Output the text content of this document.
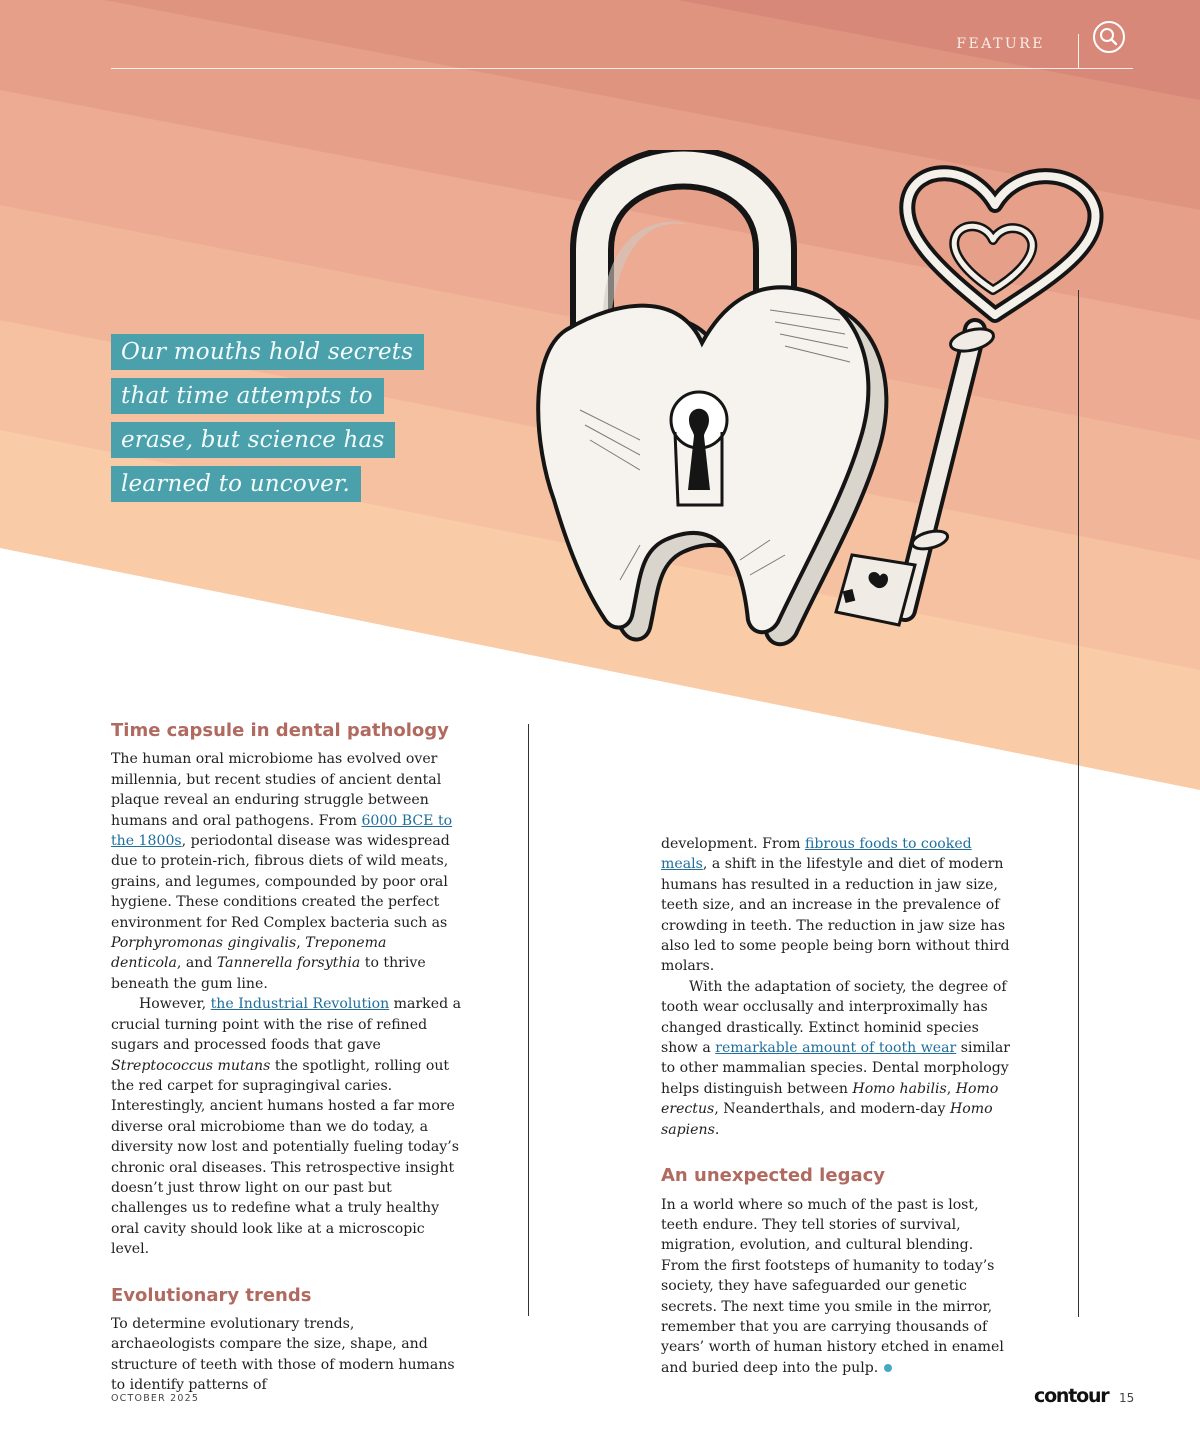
FEATURE
Our mouths hold secrets
that time attempts to
erase, but science has
learned to uncover.
Time capsule in dental pathology

The human oral microbiome has evolved over millennia, but recent studies of ancient dental plaque reveal an enduring struggle between humans and oral pathogens. From 6000 BCE to the 1800s, periodontal disease was widespread due to protein-rich, fibrous diets of wild meats, grains, and legumes, compounded by poor oral hygiene. These conditions created the perfect environment for Red Complex bacteria such as Porphyromonas gingivalis, Treponema denticola, and Tannerella forsythia to thrive beneath the gum line.

However, the Industrial Revolution marked a crucial turning point with the rise of refined sugars and processed foods that gave Streptococcus mutans the spotlight, rolling out the red carpet for supragingival caries. Interestingly, ancient humans hosted a far more diverse oral microbiome than we do today, a diversity now lost and potentially fueling today’s chronic oral diseases. This retrospective insight doesn’t just throw light on our past but challenges us to redefine what a truly healthy oral cavity should look like at a microscopic level.

Evolutionary trends

To determine evolutionary trends, archaeologists compare the size, shape, and structure of teeth with those of modern humans to identify patterns of

development. From fibrous foods to cooked meals, a shift in the lifestyle and diet of modern humans has resulted in a reduction in jaw size, teeth size, and an increase in the prevalence of crowding in teeth. The reduction in jaw size has also led to some people being born without third molars.

With the adaptation of society, the degree of tooth wear occlusally and interproximally has changed drastically. Extinct hominid species show a remarkable amount of tooth wear similar to other mammalian species. Dental morphology helps distinguish between Homo habilis, Homo erectus, Neanderthals, and modern-day Homo sapiens.

An unexpected legacy

In a world where so much of the past is lost, teeth endure. They tell stories of survival, migration, evolution, and cultural blending. From the first footsteps of humanity to today’s society, they have safeguarded our genetic secrets. The next time you smile in the mirror, remember that you are carrying thousands of years’ worth of human history etched in enamel and buried deep into the pulp.

OCTOBER 2025	contour 15
